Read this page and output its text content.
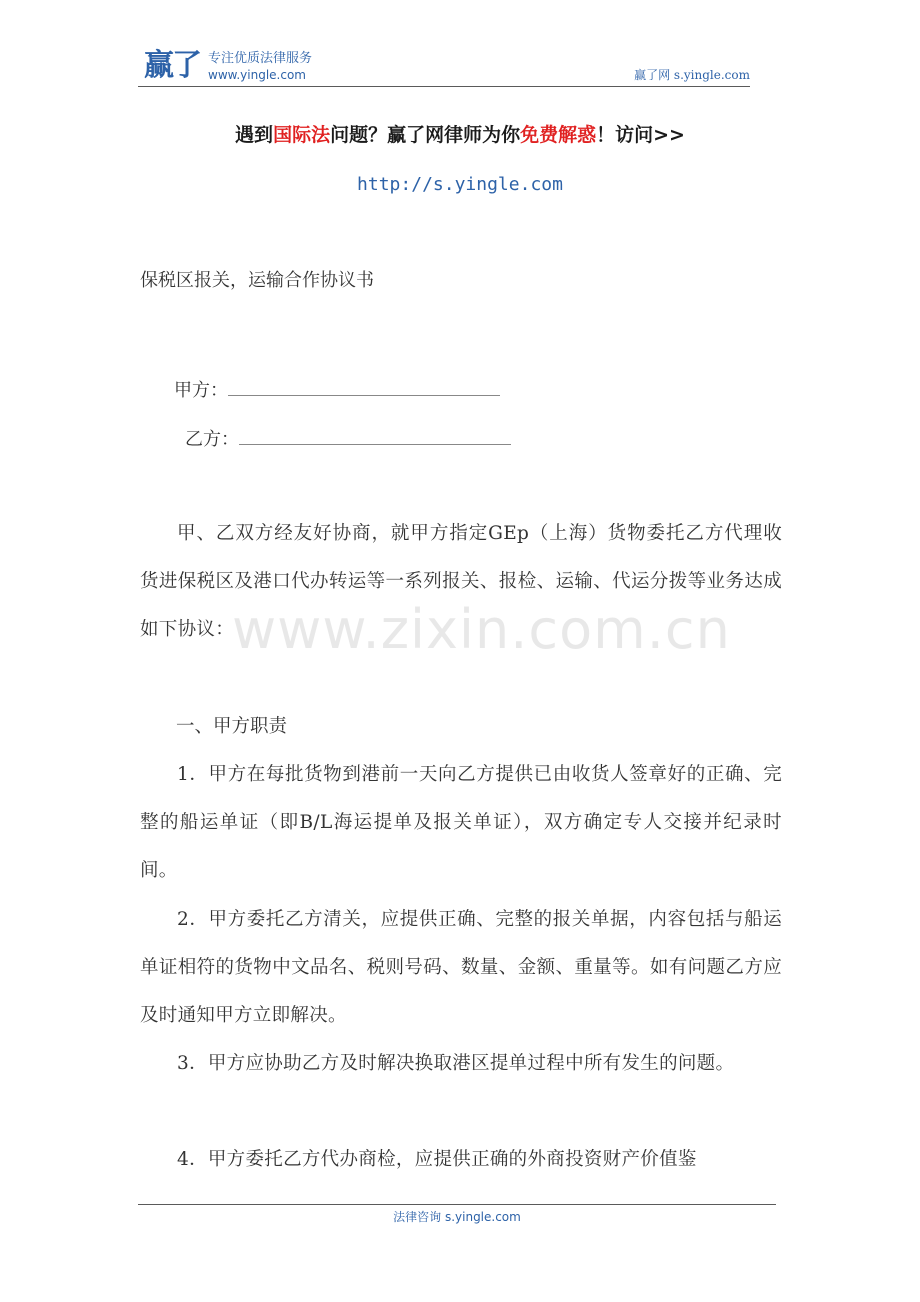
赢了 专注优质法律服务
www.yingle.com	赢了网 s.yingle.com
遇到国际法问题？赢了网律师为你免费解惑！访问>>
http://s.yingle.com
保税区报关，运输合作协议书
甲方：
乙方：
甲、乙双方经友好协商，就甲方指定GEp（上海）货物委托乙方代理收货进保税区及港口代办转运等一系列报关、报检、运输、代运分拨等业务达成如下协议：
www.zixin.com.cn
一、甲方职责
1．甲方在每批货物到港前一天向乙方提供已由收货人签章好的正确、完整的船运单证（即B/L海运提单及报关单证），双方确定专人交接并纪录时间。
2．甲方委托乙方清关，应提供正确、完整的报关单据，内容包括与船运单证相符的货物中文品名、税则号码、数量、金额、重量等。如有问题乙方应及时通知甲方立即解决。
3．甲方应协助乙方及时解决换取港区提单过程中所有发生的问题。
4．甲方委托乙方代办商检，应提供正确的外商投资财产价值鉴
法律咨询 s.yingle.com
